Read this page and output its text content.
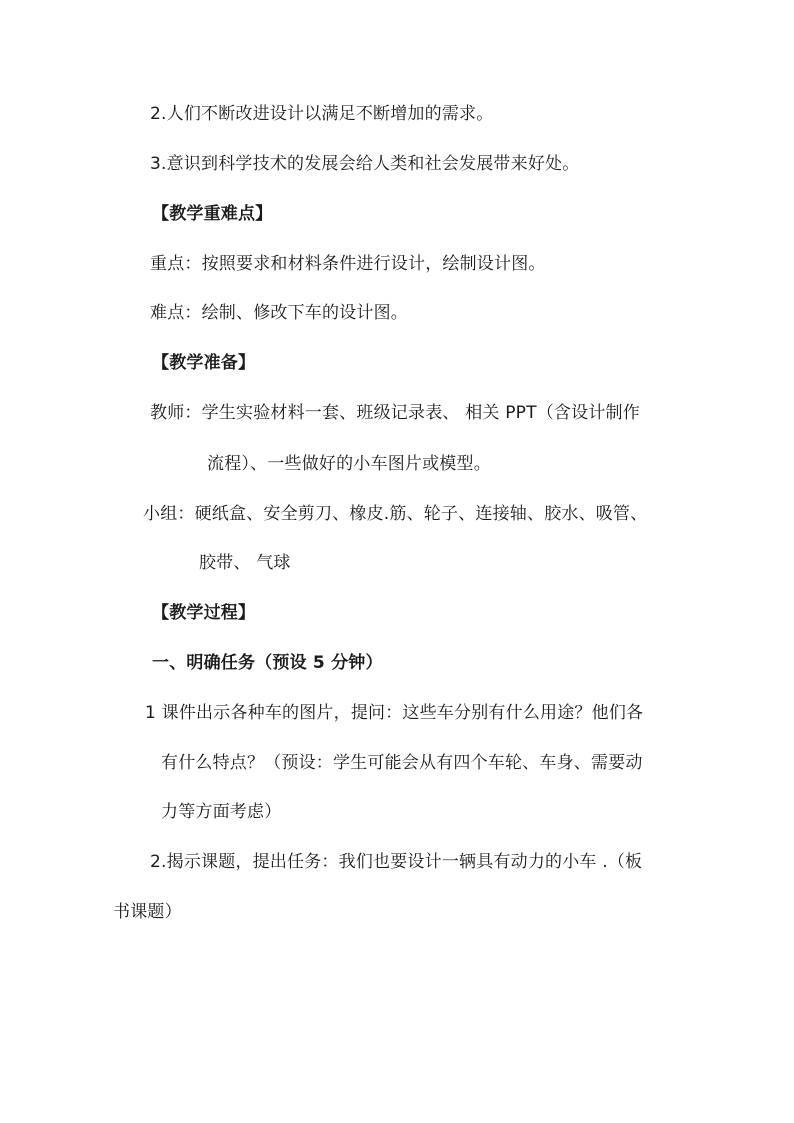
2.人们不断改进设计以满足不断增加的需求。
3.意识到科学技术的发展会给人类和社会发展带来好处。
【教学重难点】
重点：按照要求和材料条件进行设计，绘制设计图。
难点：绘制、修改下车的设计图。
【教学准备】
教师：学生实验材料一套、班级记录表、 相关 PPT（含设计制作
流程）、一些做好的小车图片或模型。
小组：硬纸盒、安全剪刀、橡皮.筋、轮子、连接轴、胶水、吸管、
胶带、 气球
【教学过程】
一、明确任务（预设 5 分钟）
1 课件出示各种车的图片，提问：这些车分别有什么用途？他们各
有什么特点？（预设：学生可能会从有四个车轮、车身、需要动
力等方面考虑）
2.揭示课题，提出任务：我们也要设计一辆具有动力的小车 .（板
书课题）
